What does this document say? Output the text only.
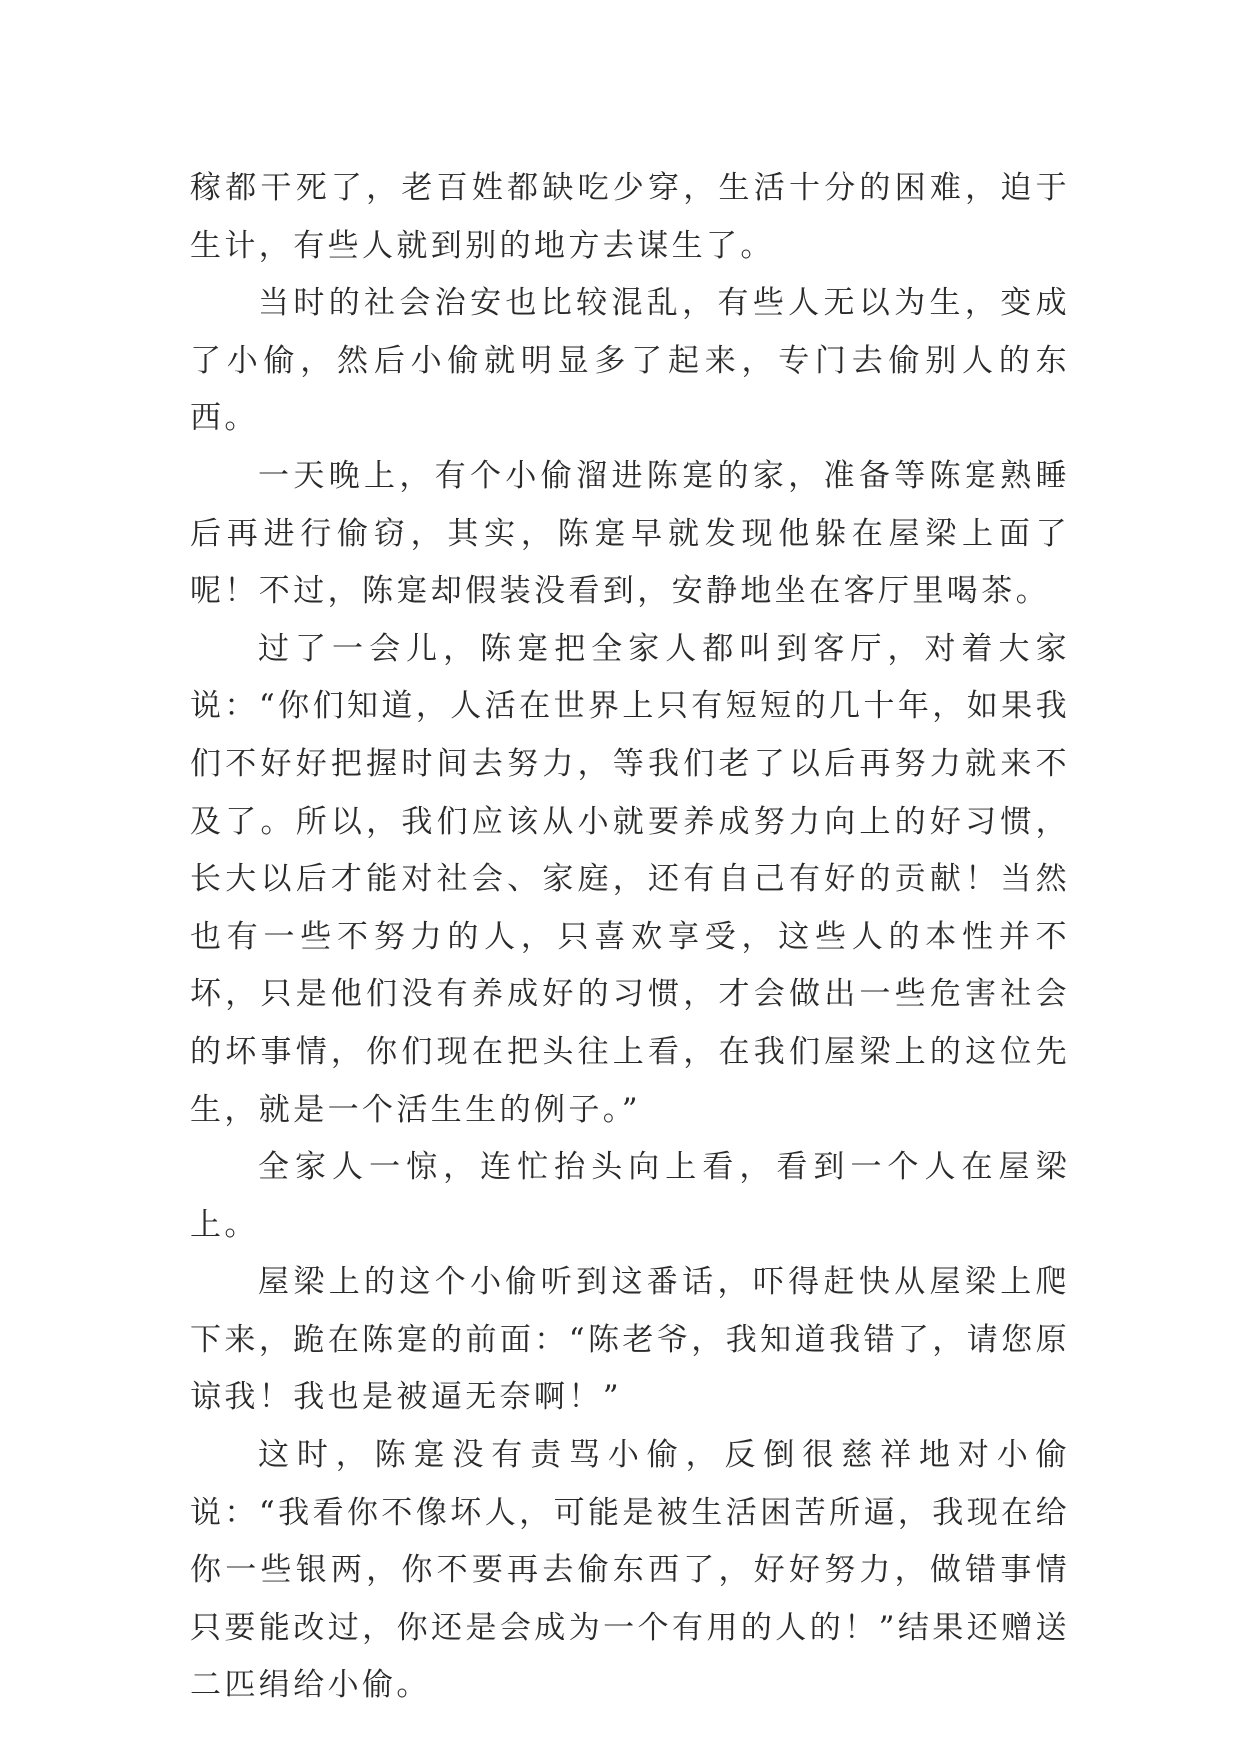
稼都干死了，老百姓都缺吃少穿，生活十分的困难，迫于生计，有些人就到别的地方去谋生了。

当时的社会治安也比较混乱，有些人无以为生，变成了小偷，然后小偷就明显多了起来，专门去偷别人的东西。

一天晚上，有个小偷溜进陈寔的家，准备等陈寔熟睡后再进行偷窃，其实，陈寔早就发现他躲在屋梁上面了呢！不过，陈寔却假装没看到，安静地坐在客厅里喝茶。

过了一会儿，陈寔把全家人都叫到客厅，对着大家说：“你们知道，人活在世界上只有短短的几十年，如果我们不好好把握时间去努力，等我们老了以后再努力就来不及了。所以，我们应该从小就要养成努力向上的好习惯，长大以后才能对社会、家庭，还有自己有好的贡献！当然也有一些不努力的人，只喜欢享受，这些人的本性并不坏，只是他们没有养成好的习惯，才会做出一些危害社会的坏事情，你们现在把头往上看，在我们屋梁上的这位先生，就是一个活生生的例子。”

全家人一惊，连忙抬头向上看，看到一个人在屋梁上。

屋梁上的这个小偷听到这番话，吓得赶快从屋梁上爬下来，跪在陈寔的前面：“陈老爷，我知道我错了，请您原谅我！我也是被逼无奈啊！”

这时，陈寔没有责骂小偷，反倒很慈祥地对小偷说：“我看你不像坏人，可能是被生活困苦所逼，我现在给你一些银两，你不要再去偷东西了，好好努力，做错事情只要能改过，你还是会成为一个有用的人的！”结果还赠送二匹绢给小偷。
